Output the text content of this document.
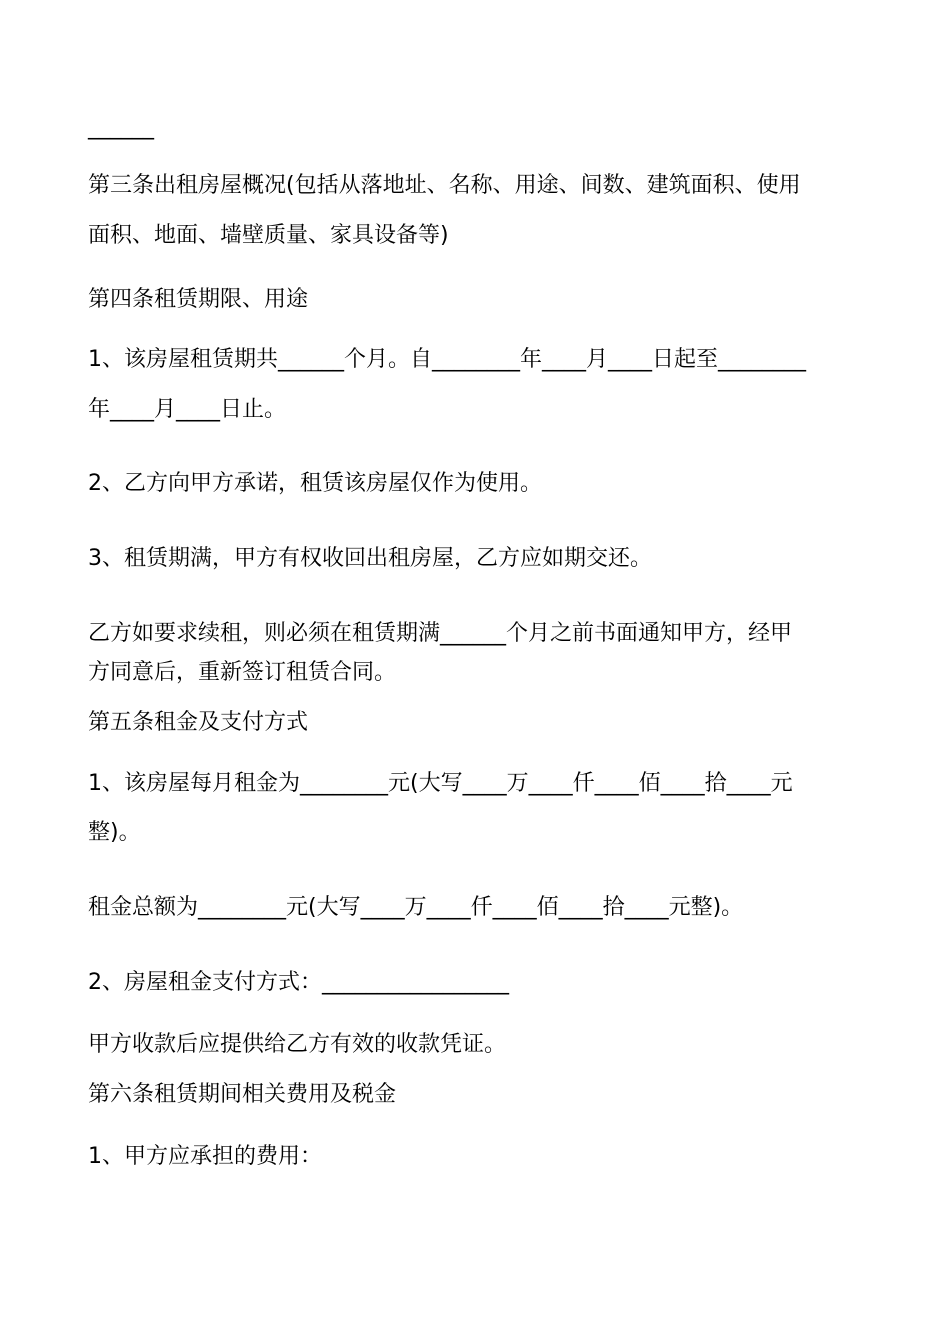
______

第三条出租房屋概况(包括从落地址、名称、用途、间数、建筑面积、使用

面积、地面、墙壁质量、家具设备等)

第四条租赁期限、用途

1、该房屋租赁期共______个月。自________年____月____日起至________

年____月____日止。

2、乙方向甲方承诺，租赁该房屋仅作为使用。

3、租赁期满，甲方有权收回出租房屋，乙方应如期交还。

乙方如要求续租，则必须在租赁期满______个月之前书面通知甲方，经甲

方同意后，重新签订租赁合同。

第五条租金及支付方式

1、该房屋每月租金为________元(大写____万____仟____佰____拾____元

整)。

租金总额为________元(大写____万____仟____佰____拾____元整)。

2、房屋租金支付方式：_________________

甲方收款后应提供给乙方有效的收款凭证。

第六条租赁期间相关费用及税金

1、甲方应承担的费用：
